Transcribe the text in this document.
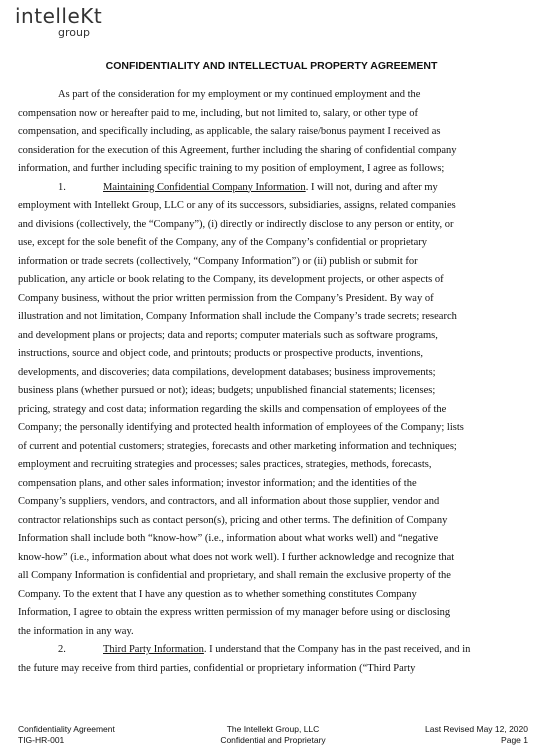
intelleKt
group
CONFIDENTIALITY AND INTELLECTUAL PROPERTY AGREEMENT
As part of the consideration for my employment or my continued employment and the
compensation now or hereafter paid to me, including, but not limited to, salary, or other type of
compensation, and specifically including, as applicable, the salary raise/bonus payment I received as
consideration for the execution of this Agreement, further including the sharing of confidential company
information, and further including specific training to my position of employment, I agree as follows;
1.	Maintaining Confidential Company Information. I will not, during and after my
employment with Intellekt Group, LLC or any of its successors, subsidiaries, assigns, related companies
and divisions (collectively, the “Company”), (i) directly or indirectly disclose to any person or entity, or
use, except for the sole benefit of the Company, any of the Company’s confidential or proprietary
information or trade secrets (collectively, “Company Information”) or (ii) publish or submit for
publication, any article or book relating to the Company, its development projects, or other aspects of
Company business, without the prior written permission from the Company’s President. By way of
illustration and not limitation, Company Information shall include the Company’s trade secrets; research
and development plans or projects; data and reports; computer materials such as software programs,
instructions, source and object code, and printouts; products or prospective products, inventions,
developments, and discoveries; data compilations, development databases; business improvements;
business plans (whether pursued or not); ideas; budgets; unpublished financial statements; licenses;
pricing, strategy and cost data; information regarding the skills and compensation of employees of the
Company; the personally identifying and protected health information of employees of the Company; lists
of current and potential customers; strategies, forecasts and other marketing information and techniques;
employment and recruiting strategies and processes; sales practices, strategies, methods, forecasts,
compensation plans, and other sales information; investor information; and the identities of the
Company’s suppliers, vendors, and contractors, and all information about those supplier, vendor and
contractor relationships such as contact person(s), pricing and other terms. The definition of Company
Information shall include both “know-how” (i.e., information about what works well) and “negative
know-how” (i.e., information about what does not work well). I further acknowledge and recognize that
all Company Information is confidential and proprietary, and shall remain the exclusive property of the
Company. To the extent that I have any question as to whether something constitutes Company
Information, I agree to obtain the express written permission of my manager before using or disclosing
the information in any way.
2.	Third Party Information. I understand that the Company has in the past received, and in
the future may receive from third parties, confidential or proprietary information (“Third Party
Confidentiality Agreement
TIG-HR-001
The Intellekt Group, LLC
Confidential and Proprietary
Last Revised May 12, 2020
Page 1
